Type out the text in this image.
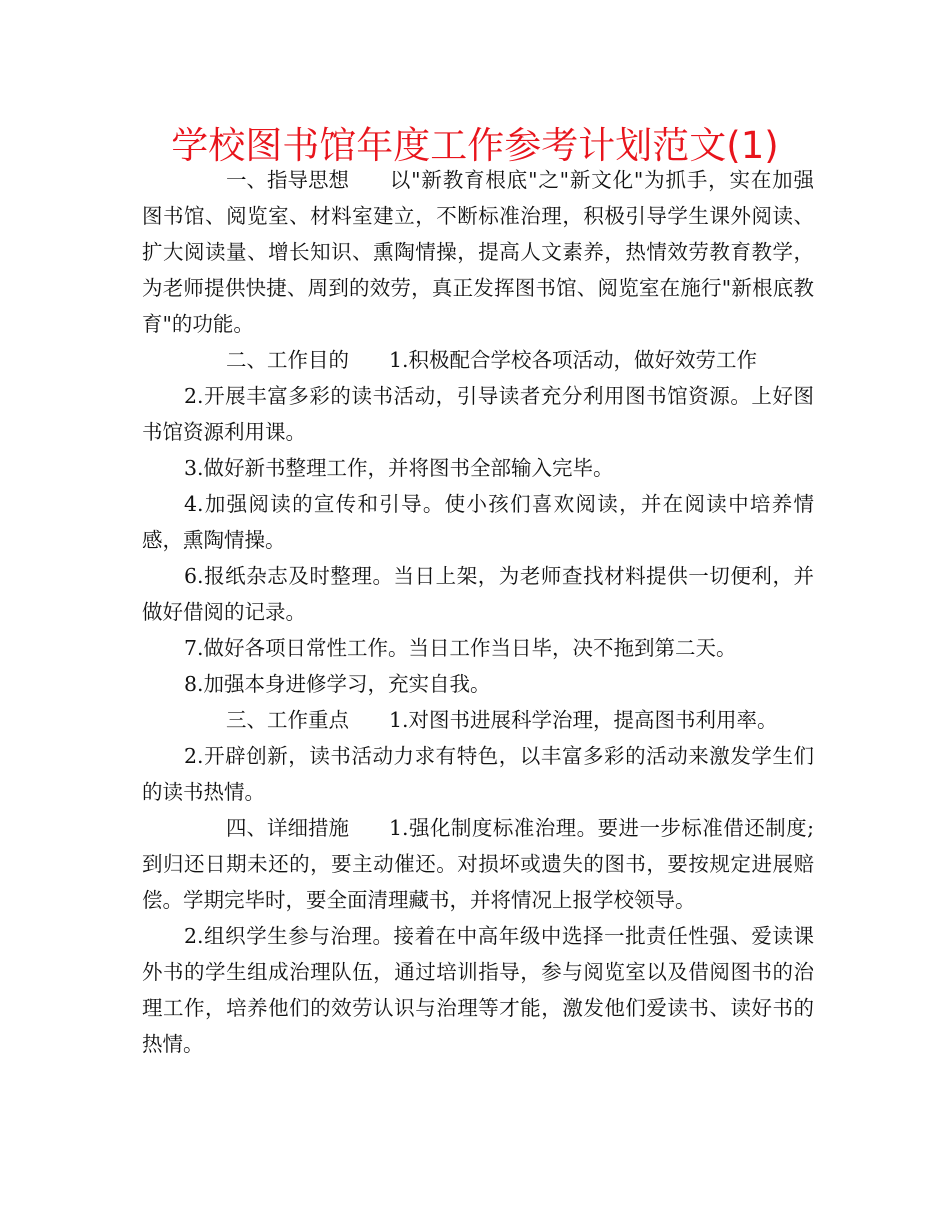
学校图书馆年度工作参考计划范文(1)

一、指导思想 以"新教育根底"之"新文化"为抓手，实在加强图书馆、阅览室、材料室建立，不断标准治理，积极引导学生课外阅读、扩大阅读量、增长知识、熏陶情操，提高人文素养，热情效劳教育教学，为老师提供快捷、周到的效劳，真正发挥图书馆、阅览室在施行"新根底教育"的功能。

二、工作目的 1.积极配合学校各项活动，做好效劳工作

2.开展丰富多彩的读书活动，引导读者充分利用图书馆资源。上好图书馆资源利用课。

3.做好新书整理工作，并将图书全部输入完毕。

4.加强阅读的宣传和引导。使小孩们喜欢阅读，并在阅读中培养情感，熏陶情操。

6.报纸杂志及时整理。当日上架，为老师查找材料提供一切便利，并做好借阅的记录。

7.做好各项日常性工作。当日工作当日毕，决不拖到第二天。

8.加强本身进修学习，充实自我。

三、工作重点 1.对图书进展科学治理，提高图书利用率。

2.开辟创新，读书活动力求有特色，以丰富多彩的活动来激发学生们的读书热情。

四、详细措施 1.强化制度标准治理。要进一步标准借还制度;到归还日期未还的，要主动催还。对损坏或遗失的图书，要按规定进展赔偿。学期完毕时，要全面清理藏书，并将情况上报学校领导。

2.组织学生参与治理。接着在中高年级中选择一批责任性强、爱读课外书的学生组成治理队伍，通过培训指导，参与阅览室以及借阅图书的治理工作，培养他们的效劳认识与治理等才能，激发他们爱读书、读好书的热情。
